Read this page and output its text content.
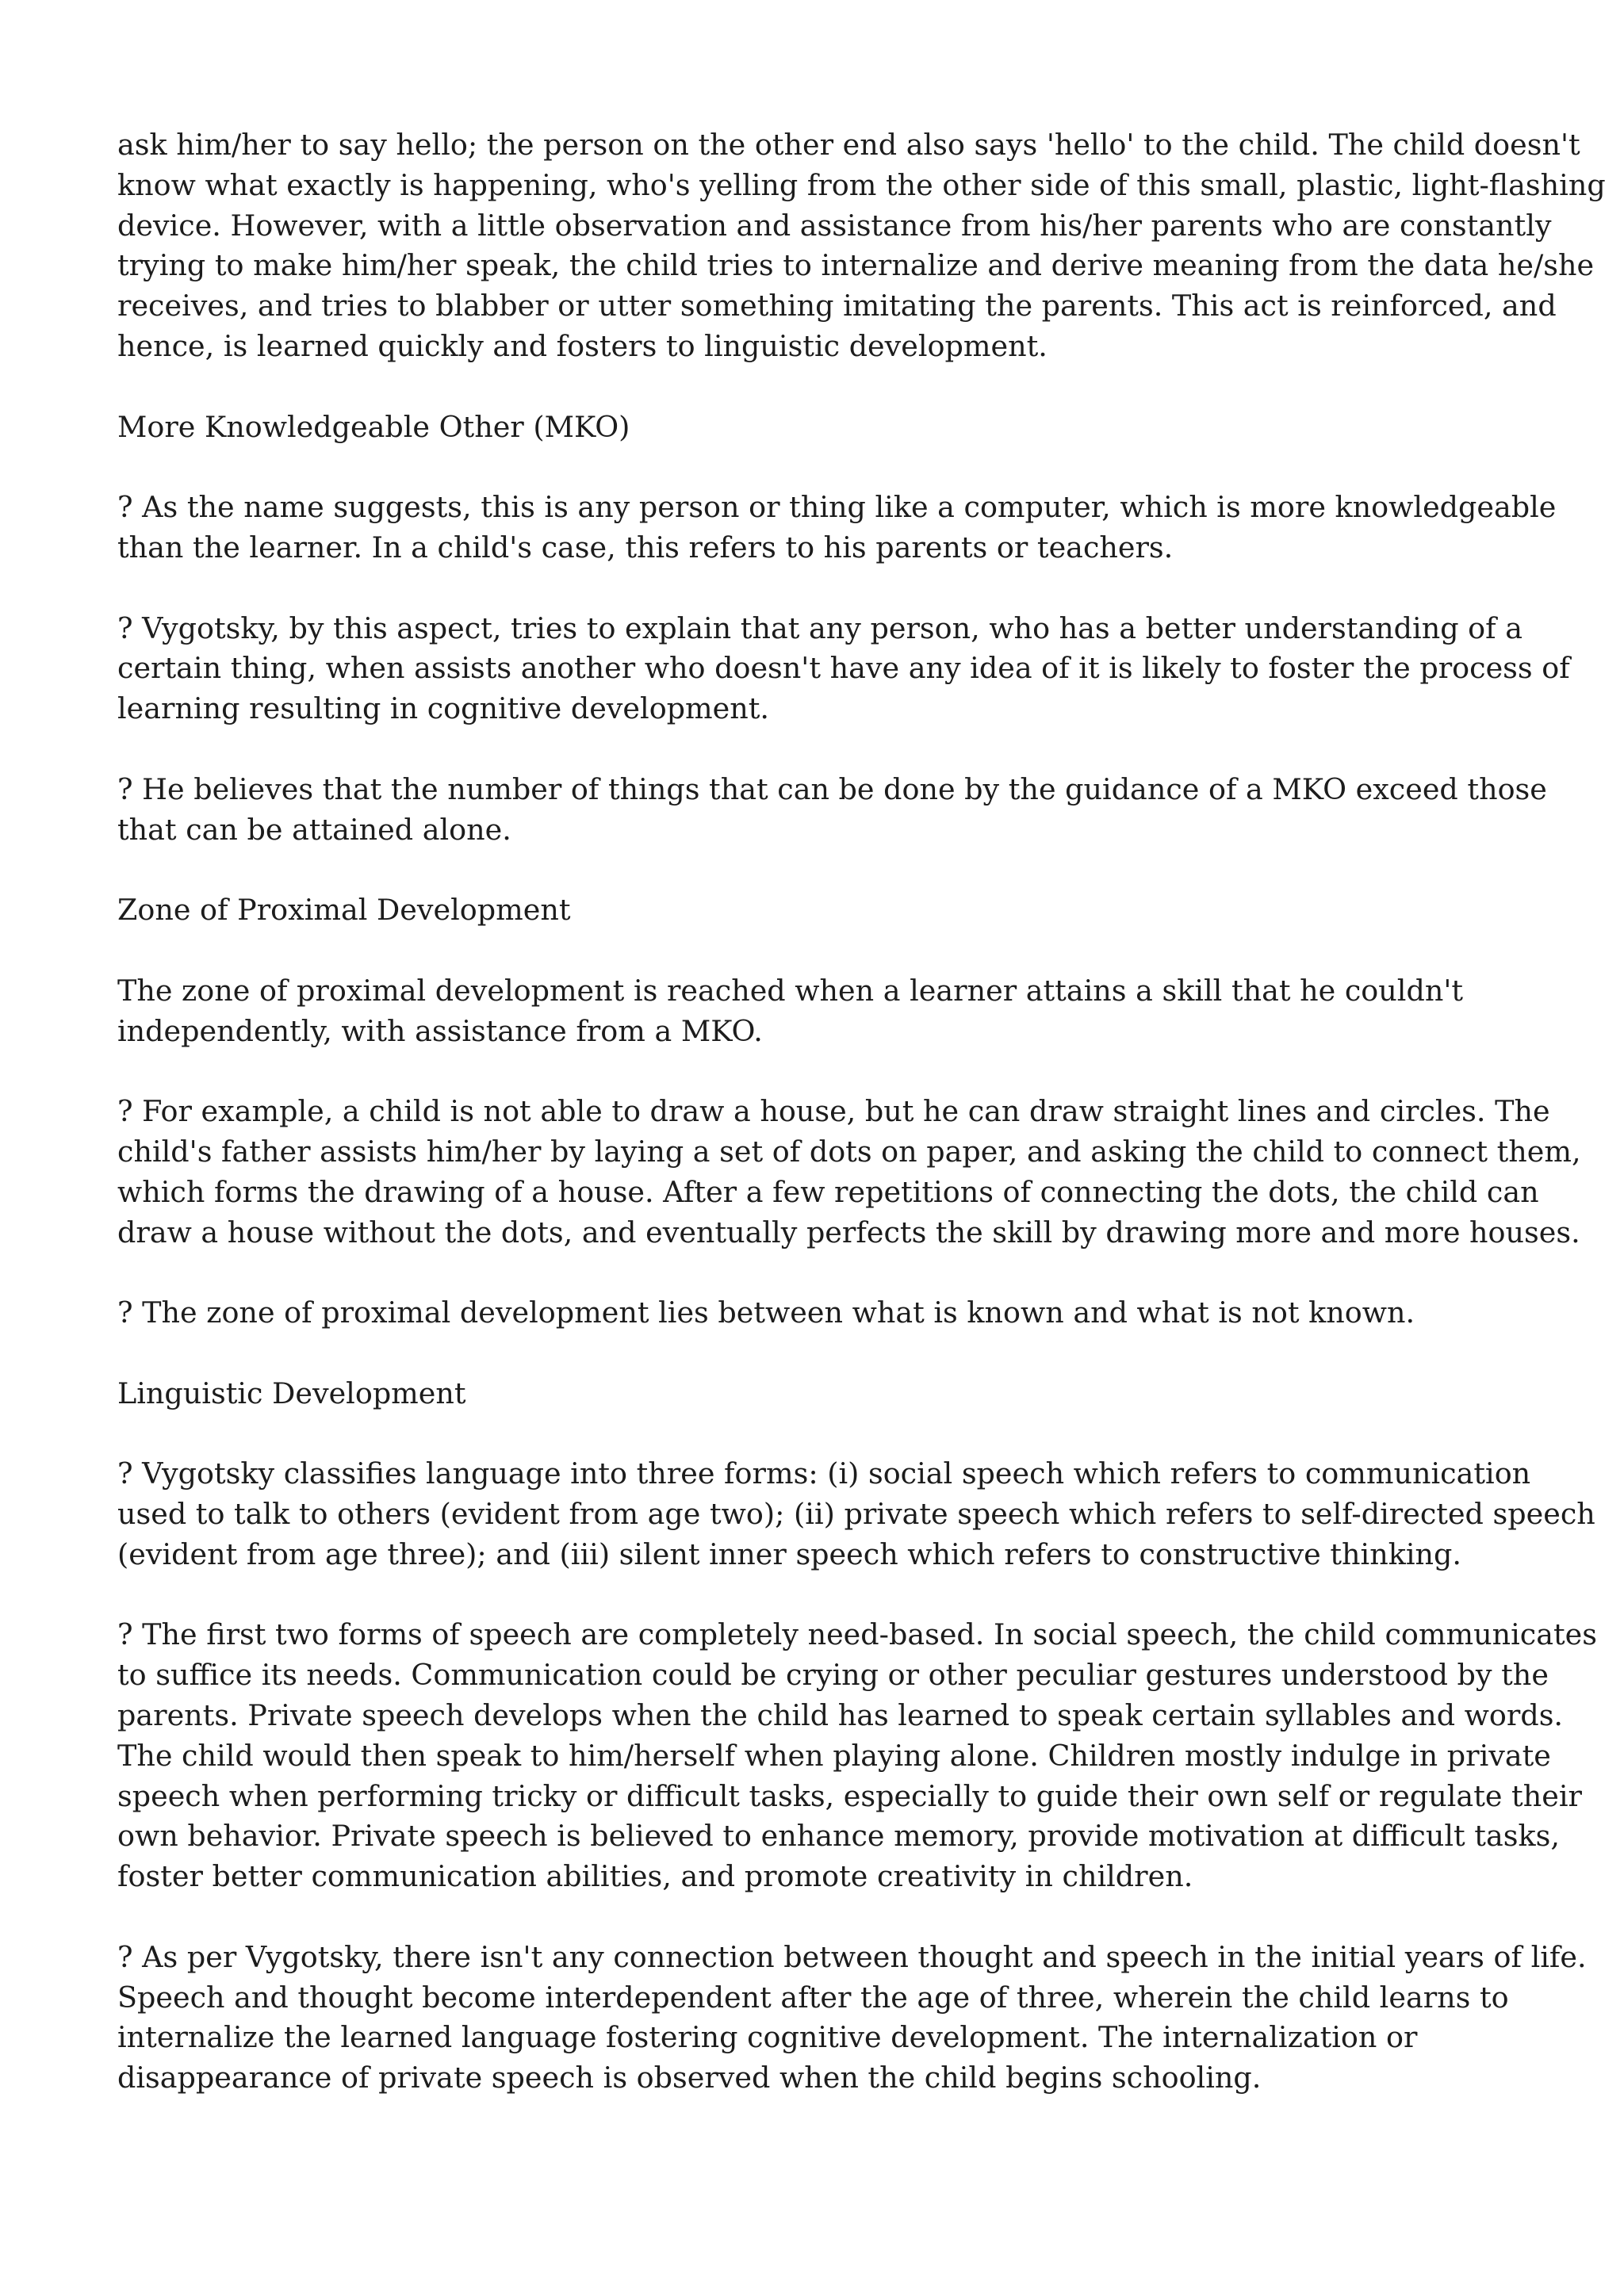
ask him/her to say hello; the person on the other end also says 'hello' to the child. The child doesn't
know what exactly is happening, who's yelling from the other side of this small, plastic, light-flashing
device. However, with a little observation and assistance from his/her parents who are constantly
trying to make him/her speak, the child tries to internalize and derive meaning from the data he/she
receives, and tries to blabber or utter something imitating the parents. This act is reinforced, and
hence, is learned quickly and fosters to linguistic development.

More Knowledgeable Other (MKO)

? As the name suggests, this is any person or thing like a computer, which is more knowledgeable
than the learner. In a child's case, this refers to his parents or teachers.

? Vygotsky, by this aspect, tries to explain that any person, who has a better understanding of a
certain thing, when assists another who doesn't have any idea of it is likely to foster the process of
learning resulting in cognitive development.

? He believes that the number of things that can be done by the guidance of a MKO exceed those
that can be attained alone.

Zone of Proximal Development

The zone of proximal development is reached when a learner attains a skill that he couldn't
independently, with assistance from a MKO.

? For example, a child is not able to draw a house, but he can draw straight lines and circles. The
child's father assists him/her by laying a set of dots on paper, and asking the child to connect them,
which forms the drawing of a house. After a few repetitions of connecting the dots, the child can
draw a house without the dots, and eventually perfects the skill by drawing more and more houses.

? The zone of proximal development lies between what is known and what is not known.

Linguistic Development

? Vygotsky classifies language into three forms: (i) social speech which refers to communication
used to talk to others (evident from age two); (ii) private speech which refers to self-directed speech
(evident from age three); and (iii) silent inner speech which refers to constructive thinking.

? The first two forms of speech are completely need-based. In social speech, the child communicates
to suffice its needs. Communication could be crying or other peculiar gestures understood by the
parents. Private speech develops when the child has learned to speak certain syllables and words.
The child would then speak to him/herself when playing alone. Children mostly indulge in private
speech when performing tricky or difficult tasks, especially to guide their own self or regulate their
own behavior. Private speech is believed to enhance memory, provide motivation at difficult tasks,
foster better communication abilities, and promote creativity in children.

? As per Vygotsky, there isn't any connection between thought and speech in the initial years of life.
Speech and thought become interdependent after the age of three, wherein the child learns to
internalize the learned language fostering cognitive development. The internalization or
disappearance of private speech is observed when the child begins schooling.
